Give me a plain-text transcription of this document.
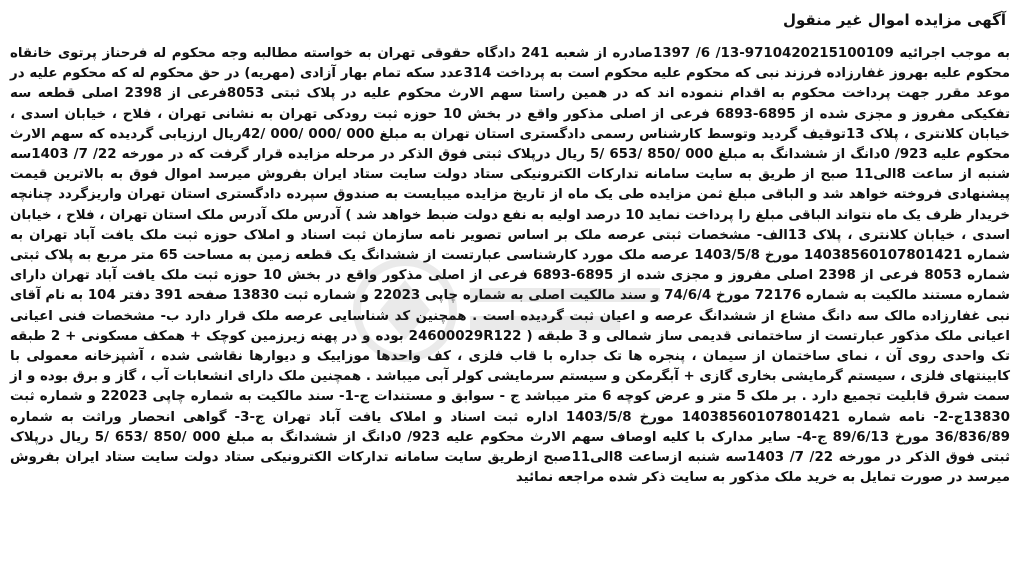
آگهی مزایده اموال غیر منقول

به موجب اجرائیه 9710420215100109-13/ 6/ 1397صادره از شعبه 241 دادگاه حقوقی تهران به خواسته مطالبه وجه محکوم له فرحناز پرتوی خانقاه محکوم علیه بهروز غفارزاده فرزند نبی که محکوم علیه محکوم است به پرداخت 314عدد سکه تمام بهار آزادی (مهریه) در حق محکوم له که محکوم علیه در موعد مقرر جهت پرداخت محکوم به اقدام ننموده اند که در همین راستا سهم الارث محکوم علیه در پلاک ثبتی 8053فرعی از 2398 اصلی قطعه سه تفکیکی مفروز و مجزی شده از 6895-6893 فرعی از اصلی مذکور واقع در بخش 10 حوزه ثبت رودکی تهران به نشانی تهران ، فلاح ، خیابان اسدی ، خیابان کلانتری ، پلاک 13توقیف گردید وتوسط کارشناس رسمی دادگستری استان تهران به مبلغ 000 /000 /000 /42ریال ارزیابی گردیده که سهم الارث محکوم علیه 923/ 0دانگ از ششدانگ به مبلغ 000 /850 /653 /5 ریال درپلاک ثبتی فوق الذکر در مرحله مزایده قرار گرفت که در مورخه 22/ 7/ 1403سه شنبه از ساعت 8الی11 صبح از طریق به سایت سامانه تدارکات الکترونیکی ستاد دولت سایت ستاد ایران بفروش میرسد اموال فوق به بالاترین قیمت پیشنهادی فروخته خواهد شد و الباقی مبلغ ثمن مزایده طی یک ماه از تاریخ مزایده میبایست به صندوق سپرده دادگستری استان تهران واریزگردد چنانچه خریدار ظرف یک ماه نتواند الباقی مبلغ را پرداخت نماید 10 درصد اولیه به نفع دولت ضبط خواهد شد ) آدرس ملک آدرس ملک استان تهران ، فلاح ، خیابان اسدی ، خیابان کلانتری ، پلاک 13الف- مشخصات ثبتی عرصه ملک بر اساس تصویر نامه سازمان ثبت اسناد و املاک حوزه ثبت ملک یافت آباد تهران به شماره 14038560107801421 مورخ 1403/5/8 عرصه ملک مورد کارشناسی عبارتست از ششدانگ یک قطعه زمین به مساحت 65 متر مربع به پلاک ثبتی شماره 8053 فرعی از 2398 اصلی مفروز و مجزی شده از 6895-6893 فرعی از اصلی مذکور واقع در بخش 10 حوزه ثبت ملک یافت آباد تهران دارای شماره مستند مالکیت به شماره 72176 مورخ 74/6/4 و سند مالکیت اصلی به شماره چاپی 22023 و شماره ثبت 13830 صفحه 391 دفتر 104 به نام آقای نبی غفارزاده مالک سه دانگ مشاع از ششدانگ عرصه و اعیان ثبت گردیده است . همچنین کد شناسایی عرصه ملک قرار دارد ب- مشخصات فنی اعیانی اعیانی ملک مذکور عبارتست از ساختمانی قدیمی ساز شمالی و 3 طبقه ( 24600029R122 بوده و در پهنه زیرزمین کوچک + همکف مسکونی + 2 طبقه تک واحدی روی آن ، نمای ساختمان از سیمان ، پنجره ها تک جداره با قاب فلزی ، کف واحدها موزاییک و دیوارها نقاشی شده ، آشپزخانه معمولی با کابینتهای فلزی ، سیستم گرمایشی بخاری گازی + آبگرمکن و سیستم سرمایشی کولر آبی میباشد . همچنین ملک دارای انشعابات آب ، گاز و برق بوده و از سمت شرق قابلیت تجمیع دارد . بر ملک 5 متر و عرض کوچه 6 متر میباشد ج - سوابق و مستندات ج-1- سند مالکیت به شماره چاپی 22023 و شماره ثبت 13830ج-2- نامه شماره 14038560107801421 مورخ 1403/5/8 اداره ثبت اسناد و املاک یافت آباد تهران ج-3- گواهی انحصار وراثت به شماره 36/836/89 مورخ 89/6/13 ج-4- سایر مدارک با کلیه اوصاف سهم الارث محکوم علیه 923/ 0دانگ از ششدانگ به مبلغ 000 /850 /653 /5 ریال درپلاک ثبتی فوق الذکر در مورخه 22/ 7/ 1403سه شنبه ازساعت 8الی11صبح ازطریق سایت سامانه تدارکات الکترونیکی ستاد دولت سایت ستاد ایران بفروش میرسد در صورت تمایل به خرید ملک مذکور به سایت ذکر شده مراجعه نمائید
